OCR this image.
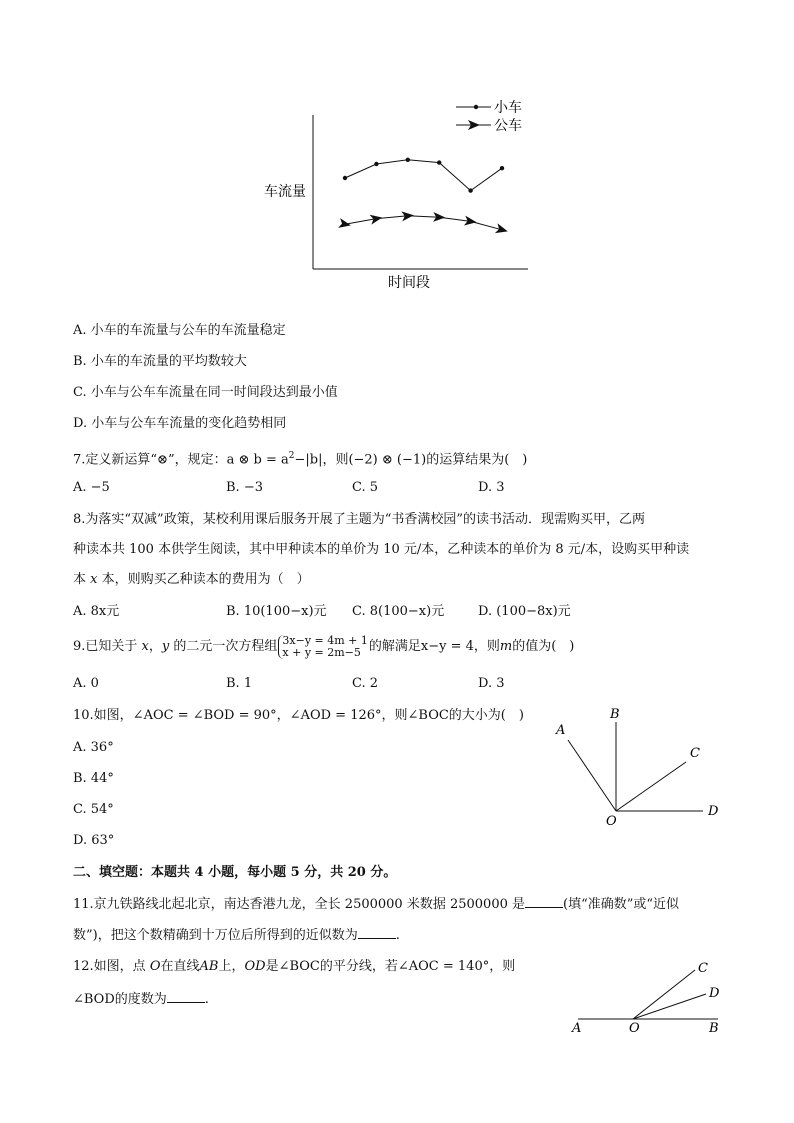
车流量
时间段
小车
公车
A. 小车的车流量与公车的车流量稳定
B. 小车的车流量的平均数较大
C. 小车与公车车流量在同一时间段达到最小值
D. 小车与公车车流量的变化趋势相同
7.定义新运算“⊗”，规定：a ⊗ $b = a^2-|b|$，则(−2) ⊗ (−1)的运算结果为(　)
A. −5	B. −3	C. 5	D. 3
8.为落实“双减”政策，某校利用课后服务开展了主题为“书香满校园”的读书活动．现需购买甲，乙两
种读本共 100 本供学生阅读，其中甲种读本的单价为 10 元/本，乙种读本的单价为 8 元/本，设购买甲种读
本 x 本，则购买乙种读本的费用为（　）
A. 8x元	B. 10(100−x)元 C. 8(100−x)元	D. (100−8x)元
9.已知关于 x，y 的二元一次方程组 3x−y = 4m + 1
x + y = 2m−5 的解满足x−y = 4，则m的值为(　)
A. 0	B. 1	C. 2	D. 3
10.如图，∠AOC = ∠BOD = 90°，∠AOD = 126°，则∠BOC的大小为(　)
A. 36°
B. 44°
C. 54°
D. 63°
A
B
C
D
O
C
D
A	O	B
二、填空题：本题共 4 小题，每小题 5 分，共 20 分。
11.京九铁路线北起北京，南达香港九龙，全长 2500000 米数据 2500000 是	(填“准确数”或“近似
数”)，把这个数精确到十万位后所得到的近似数为	.
12.如图，点 O在直线AB上，OD是∠BOC的平分线，若∠AOC = 140°，则
∠BOD的度数为	.
